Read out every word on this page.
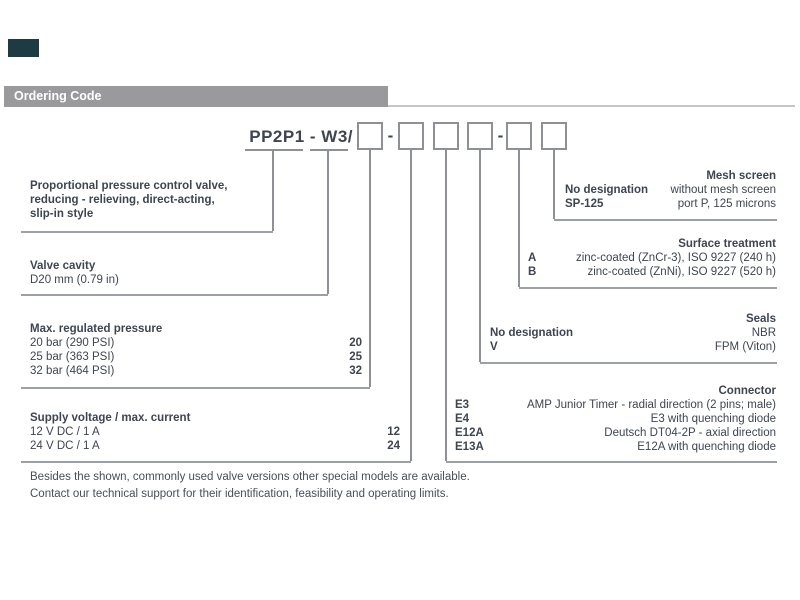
Ordering Code
PP2P1 - W3/ -	-
Proportional pressure control valve,
reducing - relieving, direct-acting,
slip-in style
Valve cavity
D20 mm (0.79 in)
Max. regulated pressure
20 bar (290 PSI)	20
25 bar (363 PSI)	25
32 bar (464 PSI)	32
Supply voltage / max. current
12 V DC / 1 A	12
24 V DC / 1 A	24
Mesh screen
No designation	without mesh screen
SP-125	port P, 125 microns
Surface treatment
A	zinc-coated (ZnCr-3), ISO 9227 (240 h)
B	zinc-coated (ZnNi), ISO 9227 (520 h)
Seals
No designation	NBR
V	FPM (Viton)
Connector
E3	AMP Junior Timer - radial direction (2 pins; male)
E4	E3 with quenching diode
E12A	Deutsch DT04-2P - axial direction
E13A	E12A with quenching diode
Besides the shown, commonly used valve versions other special models are available.
Contact our technical support for their identification, feasibility and operating limits.
